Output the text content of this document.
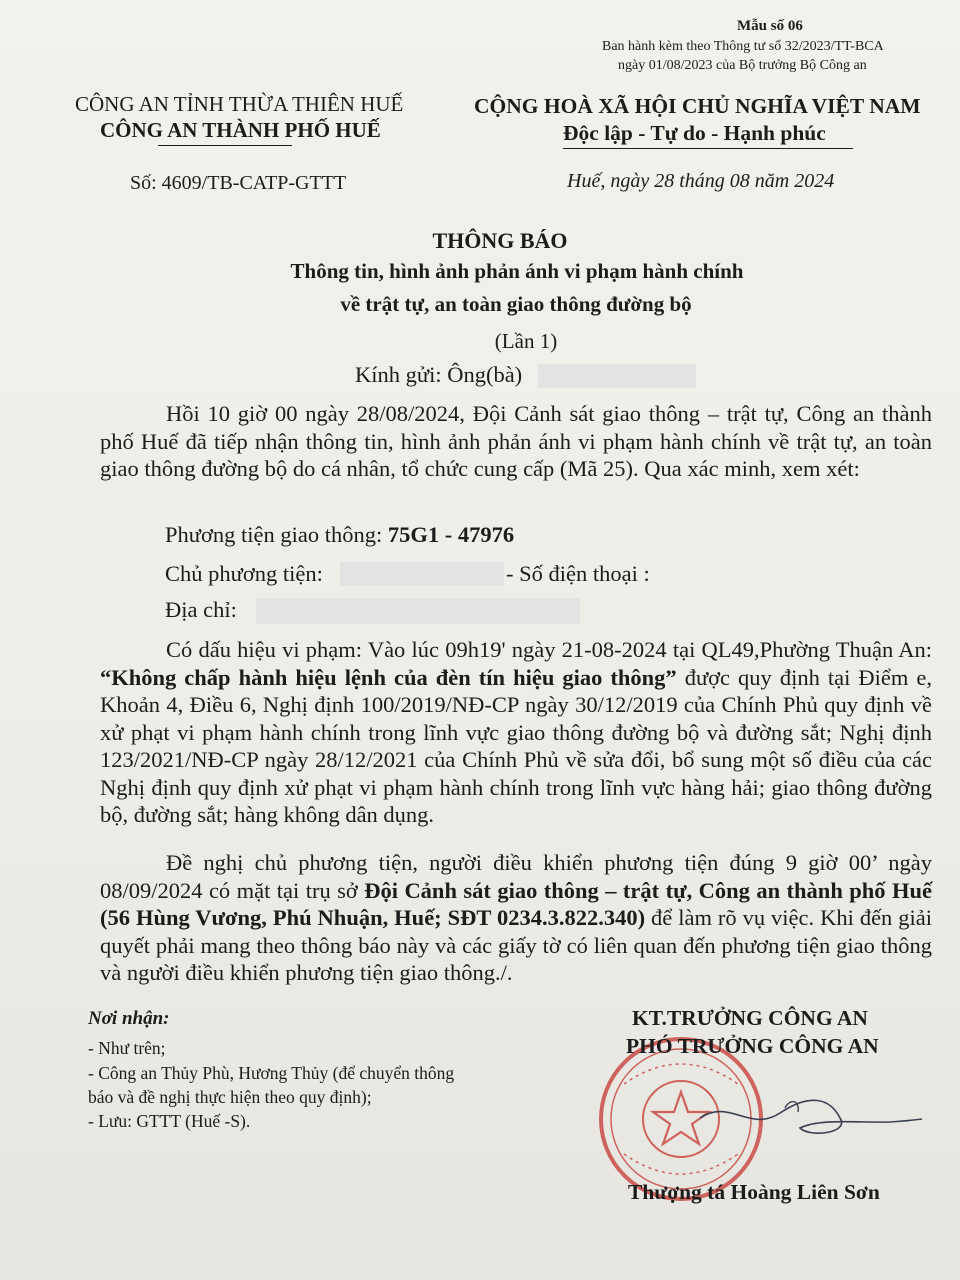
Mẫu số 06
Ban hành kèm theo Thông tư số 32/2023/TT-BCA
ngày 01/08/2023 của Bộ trưởng Bộ Công an
CÔNG AN TỈNH THỪA THIÊN HUẾ
CÔNG AN THÀNH PHỐ HUẾ
Số: 4609/TB-CATP-GTTT
CỘNG HOÀ XÃ HỘI CHỦ NGHĨA VIỆT NAM
Độc lập - Tự do - Hạnh phúc
Huế, ngày 28 tháng 08 năm 2024
THÔNG BÁO
Thông tin, hình ảnh phản ánh vi phạm hành chính
về trật tự, an toàn giao thông đường bộ
(Lần 1)
Kính gửi: Ông(bà)
Hồi 10 giờ 00 ngày 28/08/2024, Đội Cảnh sát giao thông – trật tự, Công an thành phố Huế đã tiếp nhận thông tin, hình ảnh phản ánh vi phạm hành chính về trật tự, an toàn giao thông đường bộ do cá nhân, tổ chức cung cấp (Mã 25). Qua xác minh, xem xét:
Phương tiện giao thông: 75G1 - 47976
Chủ phương tiện:	- Số điện thoại :
Địa chỉ:
Có dấu hiệu vi phạm: Vào lúc 09h19' ngày 21-08-2024 tại QL49,Phường Thuận An: “Không chấp hành hiệu lệnh của đèn tín hiệu giao thông” được quy định tại Điểm e, Khoản 4, Điều 6, Nghị định 100/2019/NĐ-CP ngày 30/12/2019 của Chính Phủ quy định về xử phạt vi phạm hành chính trong lĩnh vực giao thông đường bộ và đường sắt; Nghị định 123/2021/NĐ-CP ngày 28/12/2021 của Chính Phủ về sửa đổi, bổ sung một số điều của các Nghị định quy định xử phạt vi phạm hành chính trong lĩnh vực hàng hải; giao thông đường bộ, đường sắt; hàng không dân dụng.
Đề nghị chủ phương tiện, người điều khiển phương tiện đúng 9 giờ 00’ ngày 08/09/2024 có mặt tại trụ sở Đội Cảnh sát giao thông – trật tự, Công an thành phố Huế (56 Hùng Vương, Phú Nhuận, Huế; SĐT 0234.3.822.340) để làm rõ vụ việc. Khi đến giải quyết phải mang theo thông báo này và các giấy tờ có liên quan đến phương tiện giao thông và người điều khiển phương tiện giao thông./.
Nơi nhận:
- Như trên;
- Công an Thủy Phù, Hương Thủy (để chuyển thông
báo và đề nghị thực hiện theo quy định);
- Lưu: GTTT (Huế -S).
KT.TRƯỞNG CÔNG AN
PHÓ TRƯỞNG CÔNG AN
Thượng tá Hoàng Liên Sơn
